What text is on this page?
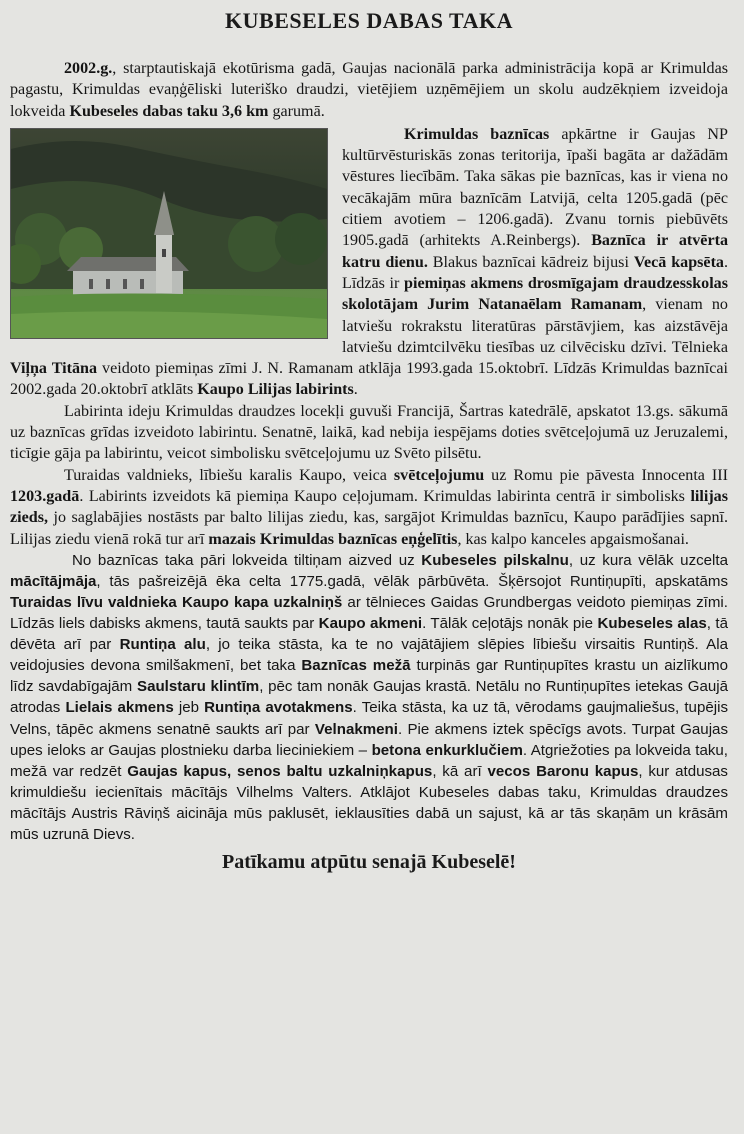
KUBESELES DABAS TAKA

2002.g., starptautiskajā ekotūrisma gadā, Gaujas nacionālā parka administrācija kopā ar Krimuldas pagastu, Krimuldas evaņģēliski luteriško draudzi, vietējiem uzņēmējiem un skolu audzēkņiem izveidoja lokveida Kubeseles dabas taku 3,6 km garumā.

Krimuldas baznīcas apkārtne ir Gaujas NP kultūrvēsturiskās zonas teritorija, īpaši bagāta ar dažādām vēstures liecībām. Taka sākas pie baznīcas, kas ir viena no vecākajām mūra baznīcām Latvijā, celta 1205.gadā (pēc citiem avotiem – 1206.gadā). Zvanu tornis piebūvēts 1905.gadā (arhitekts A.Reinbergs). Baznīca ir atvērta katru dienu. Blakus baznīcai kādreiz bijusi Vecā kapsēta. Līdzās ir piemiņas akmens drosmīgajam draudzesskolas skolotājam Jurim Natanaēlam Ramanam, vienam no latviešu rokrakstu literatūras pārstāvjiem, kas aizstāvēja latviešu dzimtcilvēku tiesības uz cilvēcisku dzīvi. Tēlnieka Viļņa Titāna veidoto piemiņas zīmi J. N. Ramanam atklāja 1993.gada 15.oktobrī. Līdzās Krimuldas baznīcai 2002.gada 20.oktobrī atklāts Kaupo Lilijas labirints.

Labirinta ideju Krimuldas draudzes locekļi guvuši Francijā, Šartras katedrālē, apskatot 13.gs. sākumā uz baznīcas grīdas izveidoto labirintu. Senatnē, laikā, kad nebija iespējams doties svētceļojumā uz Jeruzalemi, ticīgie gāja pa labirintu, veicot simbolisku svētceļojumu uz Svēto pilsētu.

Turaidas valdnieks, lībiešu karalis Kaupo, veica svētceļojumu uz Romu pie pāvesta Innocenta III 1203.gadā. Labirints izveidots kā piemiņa Kaupo ceļojumam. Krimuldas labirinta centrā ir simbolisks lilijas zieds, jo saglabājies nostāsts par balto lilijas ziedu, kas, sargājot Krimuldas baznīcu, Kaupo parādījies sapnī. Lilijas ziedu vienā rokā tur arī mazais Krimuldas baznīcas eņģelītis, kas kalpo kanceles apgaismošanai.

No baznīcas taka pāri lokveida tiltiņam aizved uz Kubeseles pilskalnu, uz kura vēlāk uzcelta mācītājmāja, tās pašreizējā ēka celta 1775.gadā, vēlāk pārbūvēta. Šķērsojot Runtiņupīti, apskatāms Turaidas līvu valdnieka Kaupo kapa uzkalniņš ar tēlnieces Gaidas Grundbergas veidoto piemiņas zīmi. Līdzās liels dabisks akmens, tautā saukts par Kaupo akmeni. Tālāk ceļotājs nonāk pie Kubeseles alas, tā dēvēta arī par Runtiņa alu, jo teika stāsta, ka te no vajātājiem slēpies lībiešu virsaitis Runtiņš. Ala veidojusies devona smilšakmenī, bet taka Baznīcas mežā turpinās gar Runtiņupītes krastu un aizlīkumo līdz savdabīgajām Saulstaru klintīm, pēc tam nonāk Gaujas krastā. Netālu no Runtiņupītes ietekas Gaujā atrodas Lielais akmens jeb Runtiņa avotakmens. Teika stāsta, ka uz tā, vērodams gaujmaliešus, tupējis Velns, tāpēc akmens senatnē saukts arī par Velnakmeni. Pie akmens iztek spēcīgs avots. Turpat Gaujas upes ieloks ar Gaujas plostnieku darba lieciniekiem – betona enkurklučiem. Atgriežoties pa lokveida taku, mežā var redzēt Gaujas kapus, senos baltu uzkalniņkapus, kā arī vecos Baronu kapus, kur atdusas krimuldiešu iecienītais mācītājs Vilhelms Valters. Atklājot Kubeseles dabas taku, Krimuldas draudzes mācītājs Austris Rāviņš aicināja mūs paklusēt, ieklausīties dabā un sajust, kā ar tās skaņām un krāsām mūs uzrunā Dievs.

Patīkamu atpūtu senajā Kubeselē!
